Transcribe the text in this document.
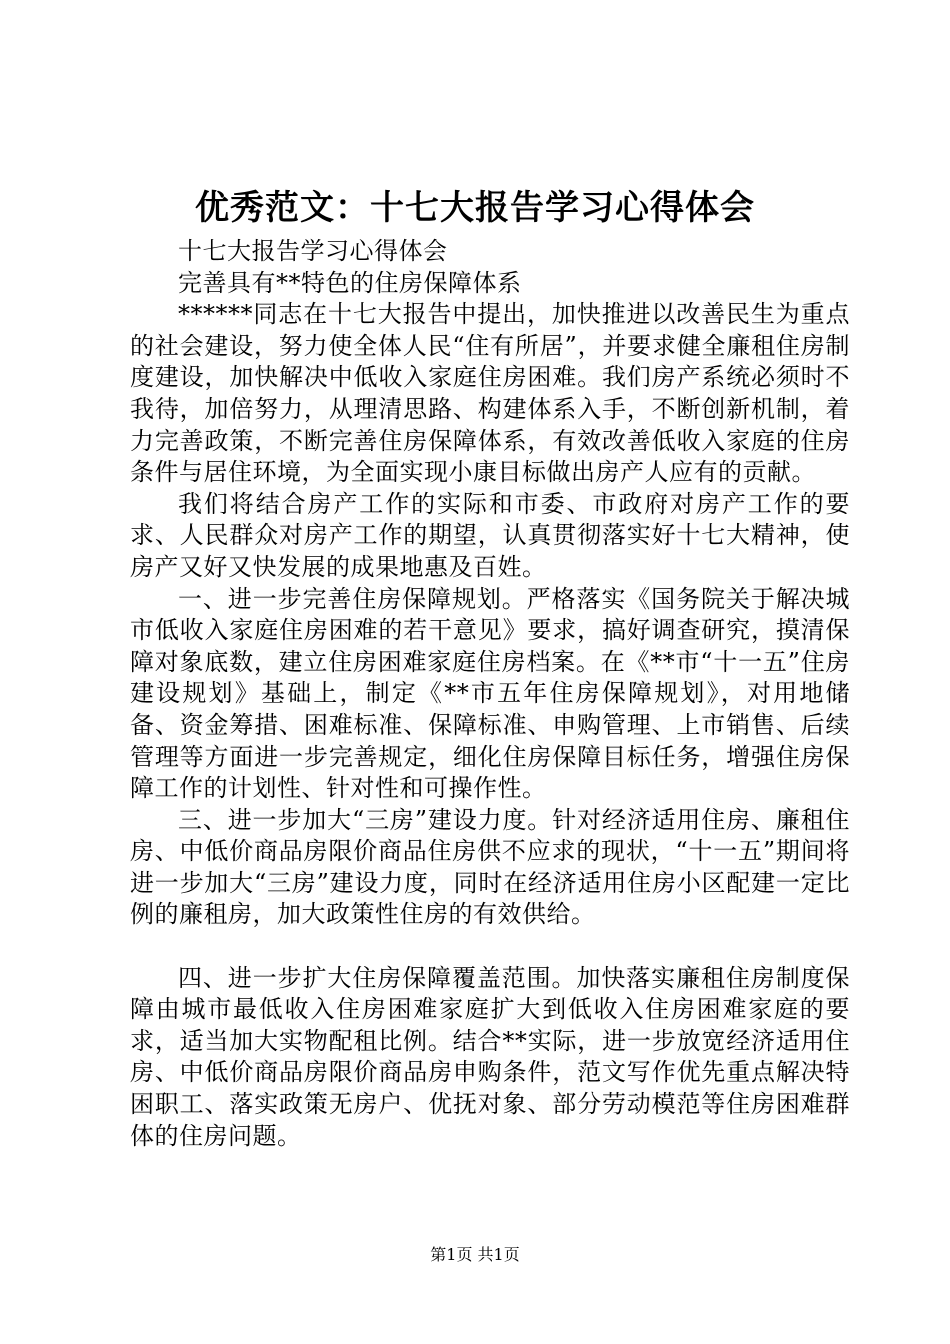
优秀范文：十七大报告学习心得体会

十七大报告学习心得体会

完善具有**特色的住房保障体系

******同志在十七大报告中提出，加快推进以改善民生为重点的社会建设，努力使全体人民“住有所居”，并要求健全廉租住房制度建设，加快解决中低收入家庭住房困难。我们房产系统必须时不我待，加倍努力，从理清思路、构建体系入手，不断创新机制，着力完善政策，不断完善住房保障体系，有效改善低收入家庭的住房条件与居住环境，为全面实现小康目标做出房产人应有的贡献。

我们将结合房产工作的实际和市委、市政府对房产工作的要求、人民群众对房产工作的期望，认真贯彻落实好十七大精神，使房产又好又快发展的成果地惠及百姓。

一、进一步完善住房保障规划。严格落实《国务院关于解决城市低收入家庭住房困难的若干意见》要求，搞好调查研究，摸清保障对象底数，建立住房困难家庭住房档案。在《**市“十一五”住房建设规划》基础上，制定《**市五年住房保障规划》，对用地储备、资金筹措、困难标准、保障标准、申购管理、上市销售、后续管理等方面进一步完善规定，细化住房保障目标任务，增强住房保障工作的计划性、针对性和可操作性。

三、进一步加大“三房”建设力度。针对经济适用住房、廉租住房、中低价商品房限价商品住房供不应求的现状，“十一五”期间将进一步加大“三房”建设力度，同时在经济适用住房小区配建一定比例的廉租房，加大政策性住房的有效供给。

四、进一步扩大住房保障覆盖范围。加快落实廉租住房制度保障由城市最低收入住房困难家庭扩大到低收入住房困难家庭的要求，适当加大实物配租比例。结合**实际，进一步放宽经济适用住房、中低价商品房限价商品房申购条件，范文写作优先重点解决特困职工、落实政策无房户、优抚对象、部分劳动模范等住房困难群体的住房问题。

第1页 共1页
